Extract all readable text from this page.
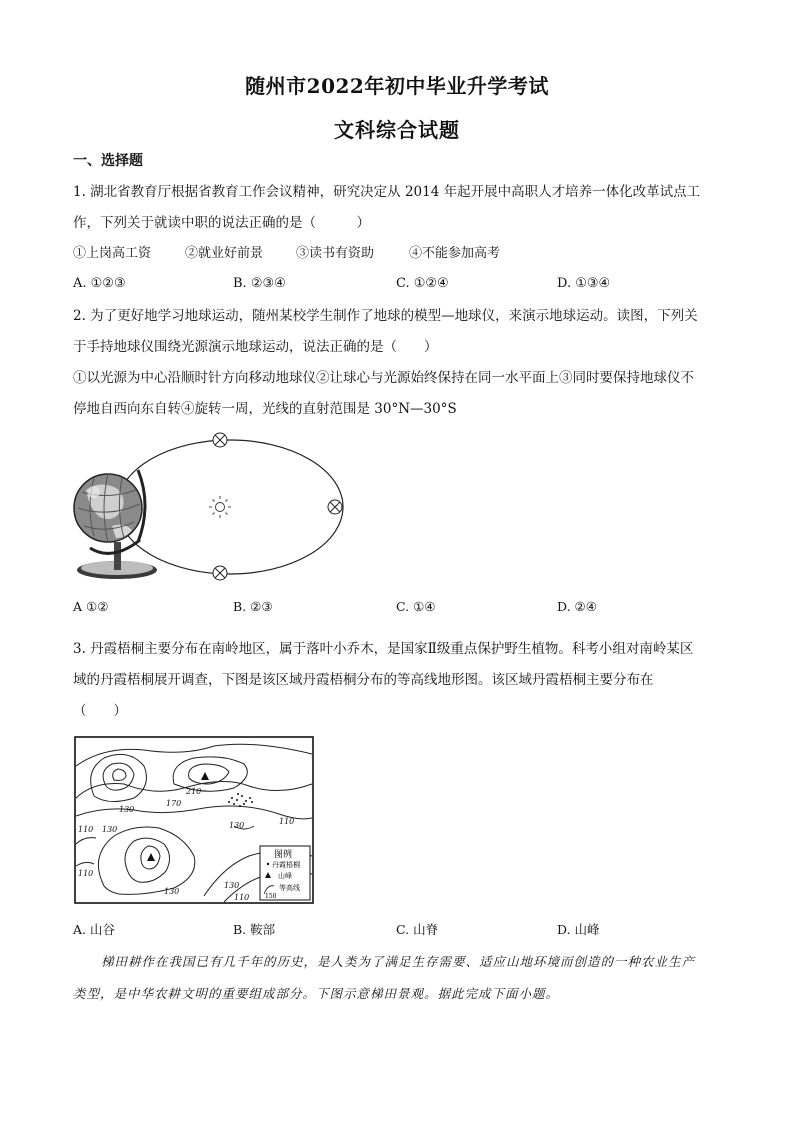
随州市2022年初中毕业升学考试
文科综合试题
一、选择题
1. 湖北省教育厅根据省教育工作会议精神，研究决定从 2014 年起开展中高职人才培养一体化改革试点工
作，下列关于就读中职的说法正确的是（　　　）
①上岗高工资	②就业好前景	③读书有资助	④不能参加高考
A. ①②③	B. ②③④	C. ①②④	D. ①③④
2. 为了更好地学习地球运动，随州某校学生制作了地球的模型—地球仪，来演示地球运动。读图，下列关
于手持地球仪围绕光源演示地球运动，说法正确的是（　　）
①以光源为中心沿顺时针方向移动地球仪②让球心与光源始终保持在同一水平面上③同时要保持地球仪不
停地自西向东自转④旋转一周，光线的直射范围是 30°N—30°S
A ①②	B. ②③	C. ①④	D. ②④
3. 丹霞梧桐主要分布在南岭地区，属于落叶小乔木，是国家Ⅱ级重点保护野生植物。科考小组对南岭某区
域的丹霞梧桐展开调查，下图是该区域丹霞梧桐分布的等高线地形图。该区域丹霞梧桐主要分布在
（　　）
210
170
130
130
110 130
110
110
130
130
110
图例
丹霞梧桐
山峰
150
等高线
A. 山谷	B. 鞍部	C. 山脊	D. 山峰
梯田耕作在我国已有几千年的历史，是人类为了满足生存需要、适应山地环境而创造的一种农业生产
类型，是中华农耕文明的重要组成部分。下图示意梯田景观。据此完成下面小题。
